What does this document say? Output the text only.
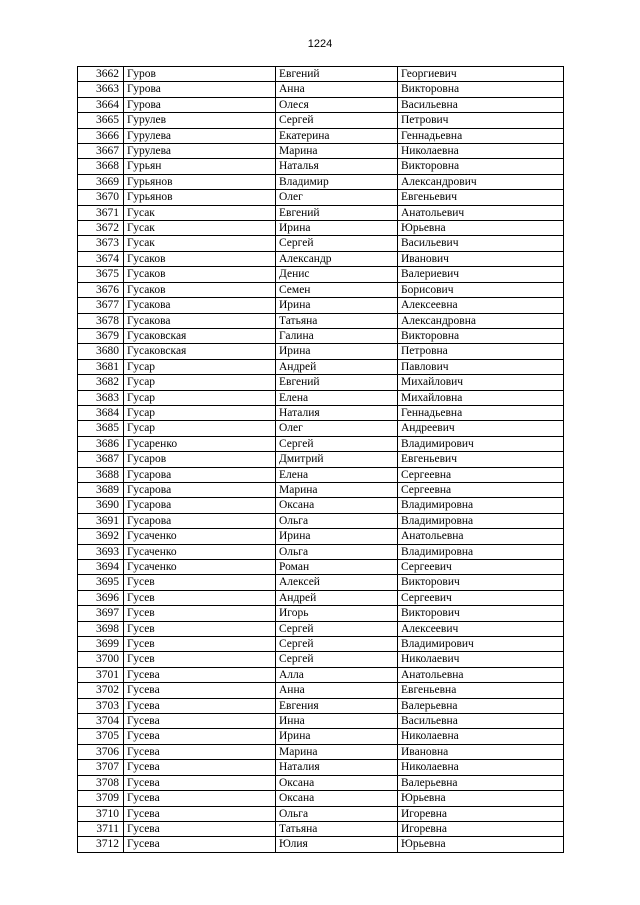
1224
3662	Гуров	Евгений	Георгиевич
3663	Гурова	Анна	Викторовна
3664	Гурова	Олеся	Васильевна
3665	Гурулев	Сергей	Петрович
3666	Гурулева	Екатерина	Геннадьевна
3667	Гурулева	Марина	Николаевна
3668	Гурьян	Наталья	Викторовна
3669	Гурьянов	Владимир	Александрович
3670	Гурьянов	Олег	Евгеньевич
3671	Гусак	Евгений	Анатольевич
3672	Гусак	Ирина	Юрьевна
3673	Гусак	Сергей	Васильевич
3674	Гусаков	Александр	Иванович
3675	Гусаков	Денис	Валериевич
3676	Гусаков	Семен	Борисович
3677	Гусакова	Ирина	Алексеевна
3678	Гусакова	Татьяна	Александровна
3679	Гусаковская	Галина	Викторовна
3680	Гусаковская	Ирина	Петровна
3681	Гусар	Андрей	Павлович
3682	Гусар	Евгений	Михайлович
3683	Гусар	Елена	Михайловна
3684	Гусар	Наталия	Геннадьевна
3685	Гусар	Олег	Андреевич
3686	Гусаренко	Сергей	Владимирович
3687	Гусаров	Дмитрий	Евгеньевич
3688	Гусарова	Елена	Сергеевна
3689	Гусарова	Марина	Сергеевна
3690	Гусарова	Оксана	Владимировна
3691	Гусарова	Ольга	Владимировна
3692	Гусаченко	Ирина	Анатольевна
3693	Гусаченко	Ольга	Владимировна
3694	Гусаченко	Роман	Сергеевич
3695	Гусев	Алексей	Викторович
3696	Гусев	Андрей	Сергеевич
3697	Гусев	Игорь	Викторович
3698	Гусев	Сергей	Алексеевич
3699	Гусев	Сергей	Владимирович
3700	Гусев	Сергей	Николаевич
3701	Гусева	Алла	Анатольевна
3702	Гусева	Анна	Евгеньевна
3703	Гусева	Евгения	Валерьевна
3704	Гусева	Инна	Васильевна
3705	Гусева	Ирина	Николаевна
3706	Гусева	Марина	Ивановна
3707	Гусева	Наталия	Николаевна
3708	Гусева	Оксана	Валерьевна
3709	Гусева	Оксана	Юрьевна
3710	Гусева	Ольга	Игоревна
3711	Гусева	Татьяна	Игоревна
3712	Гусева	Юлия	Юрьевна
